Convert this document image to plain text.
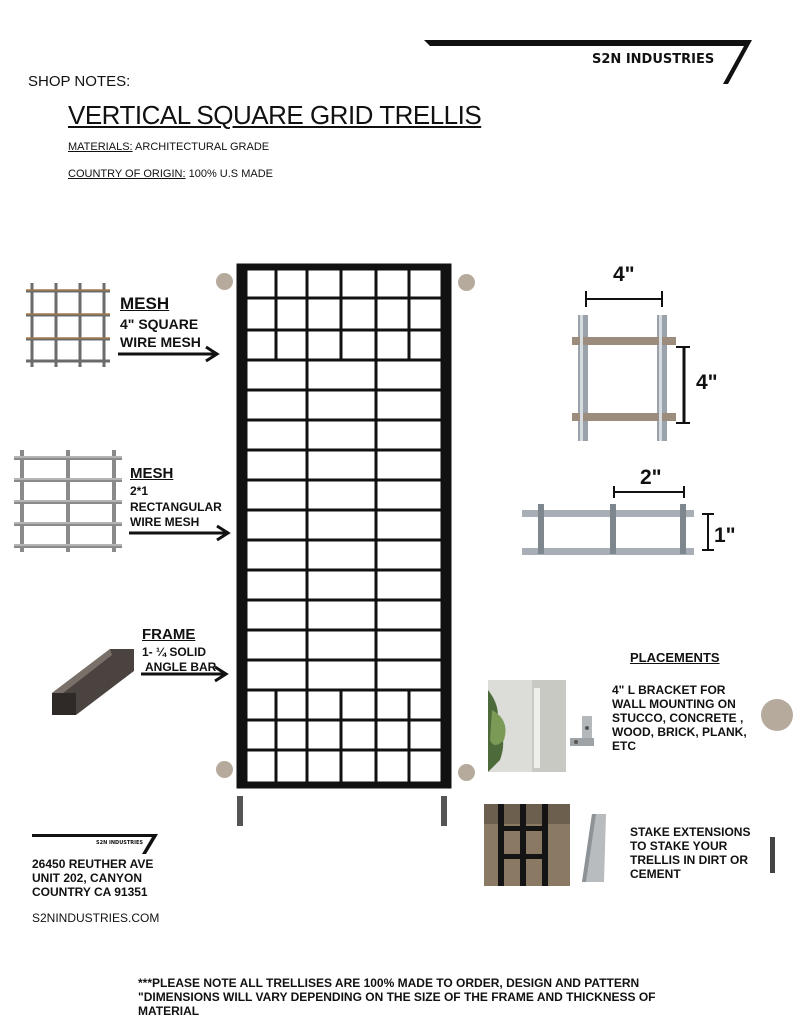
S2N INDUSTRIES
SHOP NOTES:
VERTICAL SQUARE GRID TRELLIS
MATERIALS: ARCHITECTURAL GRADE
COUNTRY OF ORIGIN: 100% U.S MADE
MESH
4" SQUARE
WIRE MESH
MESH
2*1
RECTANGULAR
WIRE MESH
FRAME
1- ¼ SOLID
ANGLE BAR
4"
4"
2"
1"
PLACEMENTS
4" L BRACKET FOR WALL MOUNTING ON STUCCO, CONCRETE , WOOD, BRICK, PLANK, ETC
STAKE EXTENSIONS TO STAKE YOUR TRELLIS IN DIRT OR CEMENT
S2N INDUSTRIES
26450 REUTHER AVE
UNIT 202, CANYON
COUNTRY CA 91351
S2NINDUSTRIES.COM
***PLEASE NOTE ALL TRELLISES ARE 100% MADE TO ORDER, DESIGN AND PATTERN "DIMENSIONS WILL VARY DEPENDING ON THE SIZE OF THE FRAME AND THICKNESS OF MATERIAL
